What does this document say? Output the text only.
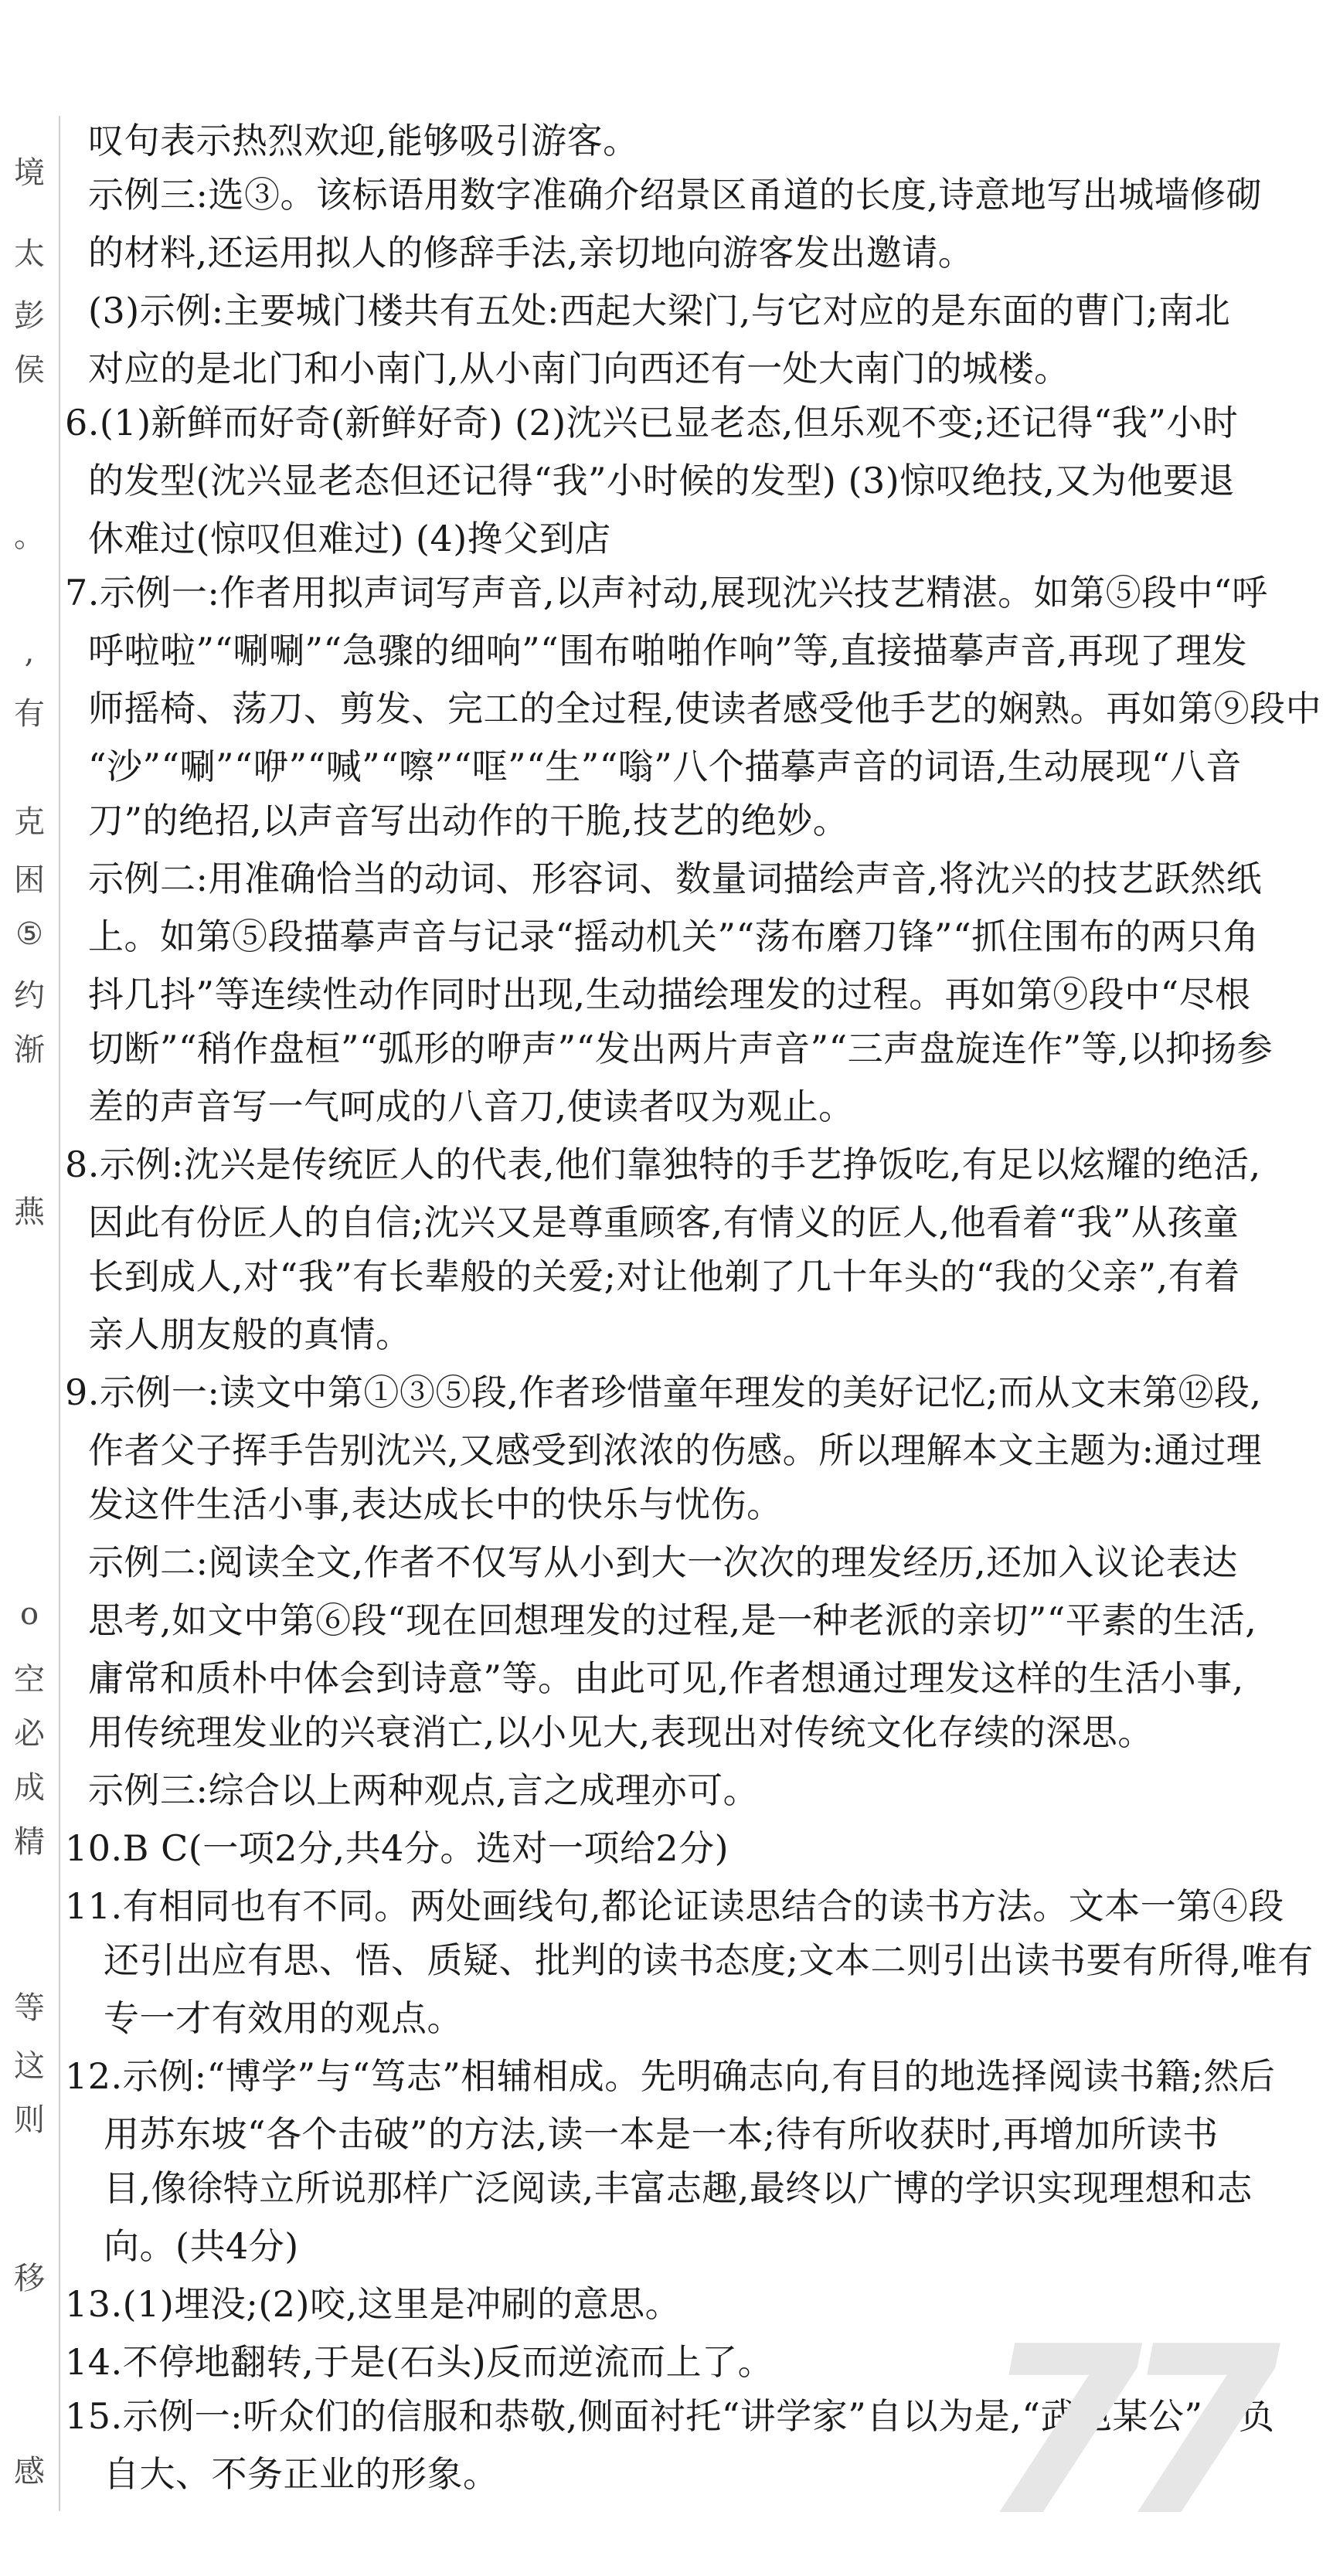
境
太
彭
侯
。
,
有
克
困
⑤
约
渐
燕
o
空
必
成
精
等
这
则
移
感
叹句表示热烈欢迎,能够吸引游客。
示例三:选③。该标语用数字准确介绍景区甬道的长度,诗意地写出城墙修砌
的材料,还运用拟人的修辞手法,亲切地向游客发出邀请。
(3)示例:主要城门楼共有五处:西起大梁门,与它对应的是东面的曹门;南北
对应的是北门和小南门,从小南门向西还有一处大南门的城楼。
6.(1)新鲜而好奇(新鲜好奇) (2)沈兴已显老态,但乐观不变;还记得“我”小时
的发型(沈兴显老态但还记得“我”小时候的发型) (3)惊叹绝技,又为他要退
休难过(惊叹但难过) (4)搀父到店
7.示例一:作者用拟声词写声音,以声衬动,展现沈兴技艺精湛。如第⑤段中“呼
呼啦啦”“唰唰”“急骤的细响”“围布啪啪作响”等,直接描摹声音,再现了理发
师摇椅、荡刀、剪发、完工的全过程,使读者感受他手艺的娴熟。再如第⑨段中
“沙”“唰”“咿”“喊”“嚓”“哐”“生”“嗡”八个描摹声音的词语,生动展现“八音
刀”的绝招,以声音写出动作的干脆,技艺的绝妙。
示例二:用准确恰当的动词、形容词、数量词描绘声音,将沈兴的技艺跃然纸
上。如第⑤段描摹声音与记录“摇动机关”“荡布磨刀锋”“抓住围布的两只角
抖几抖”等连续性动作同时出现,生动描绘理发的过程。再如第⑨段中“尽根
切断”“稍作盘桓”“弧形的咿声”“发出两片声音”“三声盘旋连作”等,以抑扬参
差的声音写一气呵成的八音刀,使读者叹为观止。
8.示例:沈兴是传统匠人的代表,他们靠独特的手艺挣饭吃,有足以炫耀的绝活,
因此有份匠人的自信;沈兴又是尊重顾客,有情义的匠人,他看着“我”从孩童
长到成人,对“我”有长辈般的关爱;对让他剃了几十年头的“我的父亲”,有着
亲人朋友般的真情。
9.示例一:读文中第①③⑤段,作者珍惜童年理发的美好记忆;而从文末第⑫段,
作者父子挥手告别沈兴,又感受到浓浓的伤感。所以理解本文主题为:通过理
发这件生活小事,表达成长中的快乐与忧伤。
示例二:阅读全文,作者不仅写从小到大一次次的理发经历,还加入议论表达
思考,如文中第⑥段“现在回想理发的过程,是一种老派的亲切”“平素的生活,
庸常和质朴中体会到诗意”等。由此可见,作者想通过理发这样的生活小事,
用传统理发业的兴衰消亡,以小见大,表现出对传统文化存续的深思。
示例三:综合以上两种观点,言之成理亦可。
10.B C(一项2分,共4分。选对一项给2分)
11.有相同也有不同。两处画线句,都论证读思结合的读书方法。文本一第④段
还引出应有思、悟、质疑、批判的读书态度;文本二则引出读书要有所得,唯有
专一才有效用的观点。
12.示例:“博学”与“笃志”相辅相成。先明确志向,有目的地选择阅读书籍;然后
用苏东坡“各个击破”的方法,读一本是一本;待有所收获时,再增加所读书
目,像徐特立所说那样广泛阅读,丰富志趣,最终以广博的学识实现理想和志
向。(共4分)
13.(1)埋没;(2)咬,这里是冲刷的意思。
14.不停地翻转,于是(石头)反而逆流而上了。
15.示例一:听众们的信服和恭敬,侧面衬托“讲学家”自以为是,“武邑某公”自负
自大、不务正业的形象。 77
